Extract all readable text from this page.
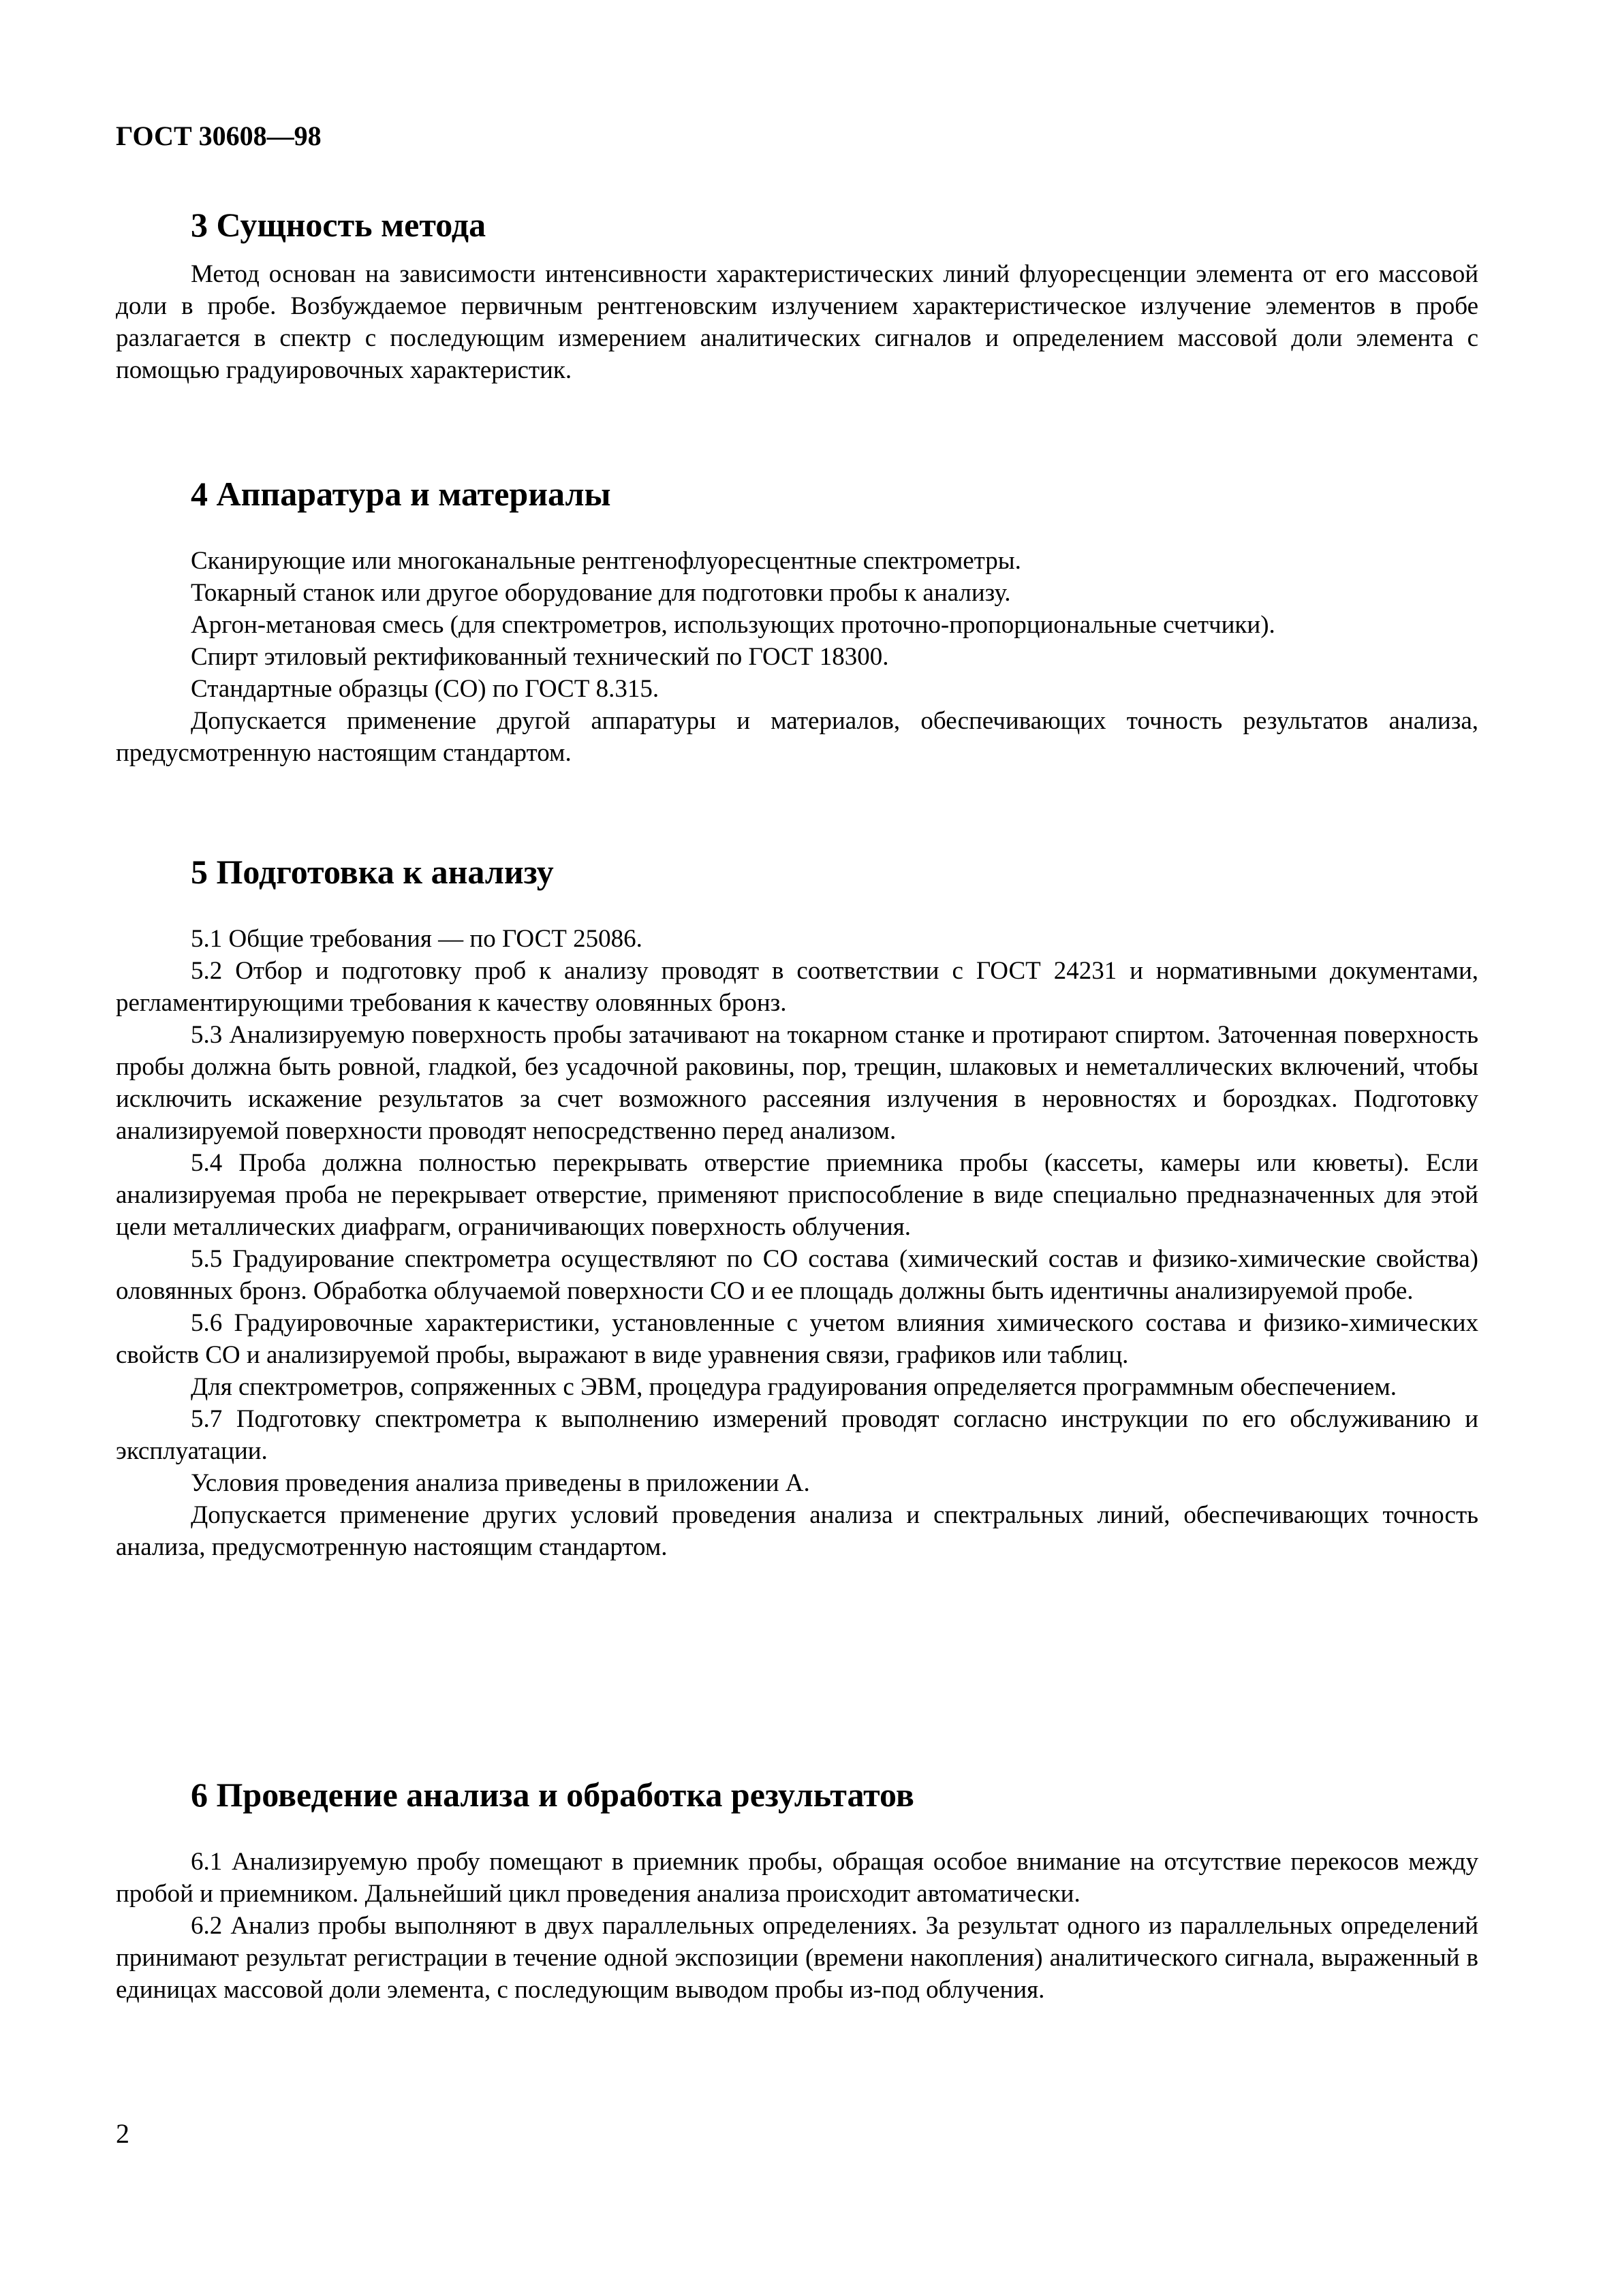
ГОСТ 30608—98
3 Сущность метода

Метод основан на зависимости интенсивности характеристических линий флуоресценции элемента от его массовой доли в пробе. Возбуждаемое первичным рентгеновским излучением характеристическое излучение элементов в пробе разлагается в спектр с последующим измерением аналитических сигналов и определением массовой доли элемента с помощью градуировочных характеристик.

4 Аппаратура и материалы

Сканирующие или многоканальные рентгенофлуоресцентные спектрометры.

Токарный станок или другое оборудование для подготовки пробы к анализу.

Аргон-метановая смесь (для спектрометров, использующих проточно-пропорциональные счетчики).

Спирт этиловый ректификованный технический по ГОСТ 18300.

Стандартные образцы (СО) по ГОСТ 8.315.

Допускается применение другой аппаратуры и материалов, обеспечивающих точность результатов анализа, предусмотренную настоящим стандартом.

5 Подготовка к анализу

5.1 Общие требования — по ГОСТ 25086.

5.2 Отбор и подготовку проб к анализу проводят в соответствии с ГОСТ 24231 и нормативными документами, регламентирующими требования к качеству оловянных бронз.

5.3 Анализируемую поверхность пробы затачивают на токарном станке и протирают спиртом. Заточенная поверхность пробы должна быть ровной, гладкой, без усадочной раковины, пор, трещин, шлаковых и неметаллических включений, чтобы исключить искажение результатов за счет возможного рассеяния излучения в неровностях и бороздках. Подготовку анализируемой поверхности проводят непосредственно перед анализом.

5.4 Проба должна полностью перекрывать отверстие приемника пробы (кассеты, камеры или кюветы). Если анализируемая проба не перекрывает отверстие, применяют приспособление в виде специально предназначенных для этой цели металлических диафрагм, ограничивающих поверхность облучения.

5.5 Градуирование спектрометра осуществляют по СО состава (химический состав и физико-химические свойства) оловянных бронз. Обработка облучаемой поверхности СО и ее площадь должны быть идентичны анализируемой пробе.

5.6 Градуировочные характеристики, установленные с учетом влияния химического состава и физико-химических свойств СО и анализируемой пробы, выражают в виде уравнения связи, графиков или таблиц.

Для спектрометров, сопряженных с ЭВМ, процедура градуирования определяется программным обеспечением.

5.7 Подготовку спектрометра к выполнению измерений проводят согласно инструкции по его обслуживанию и эксплуатации.

Условия проведения анализа приведены в приложении А.

Допускается применение других условий проведения анализа и спектральных линий, обеспечивающих точность анализа, предусмотренную настоящим стандартом.

6 Проведение анализа и обработка результатов

6.1 Анализируемую пробу помещают в приемник пробы, обращая особое внимание на отсутствие перекосов между пробой и приемником. Дальнейший цикл проведения анализа происходит автоматически.

6.2 Анализ пробы выполняют в двух параллельных определениях. За результат одного из параллельных определений принимают результат регистрации в течение одной экспозиции (времени накопления) аналитического сигнала, выраженный в единицах массовой доли элемента, с последующим выводом пробы из-под облучения.

2
